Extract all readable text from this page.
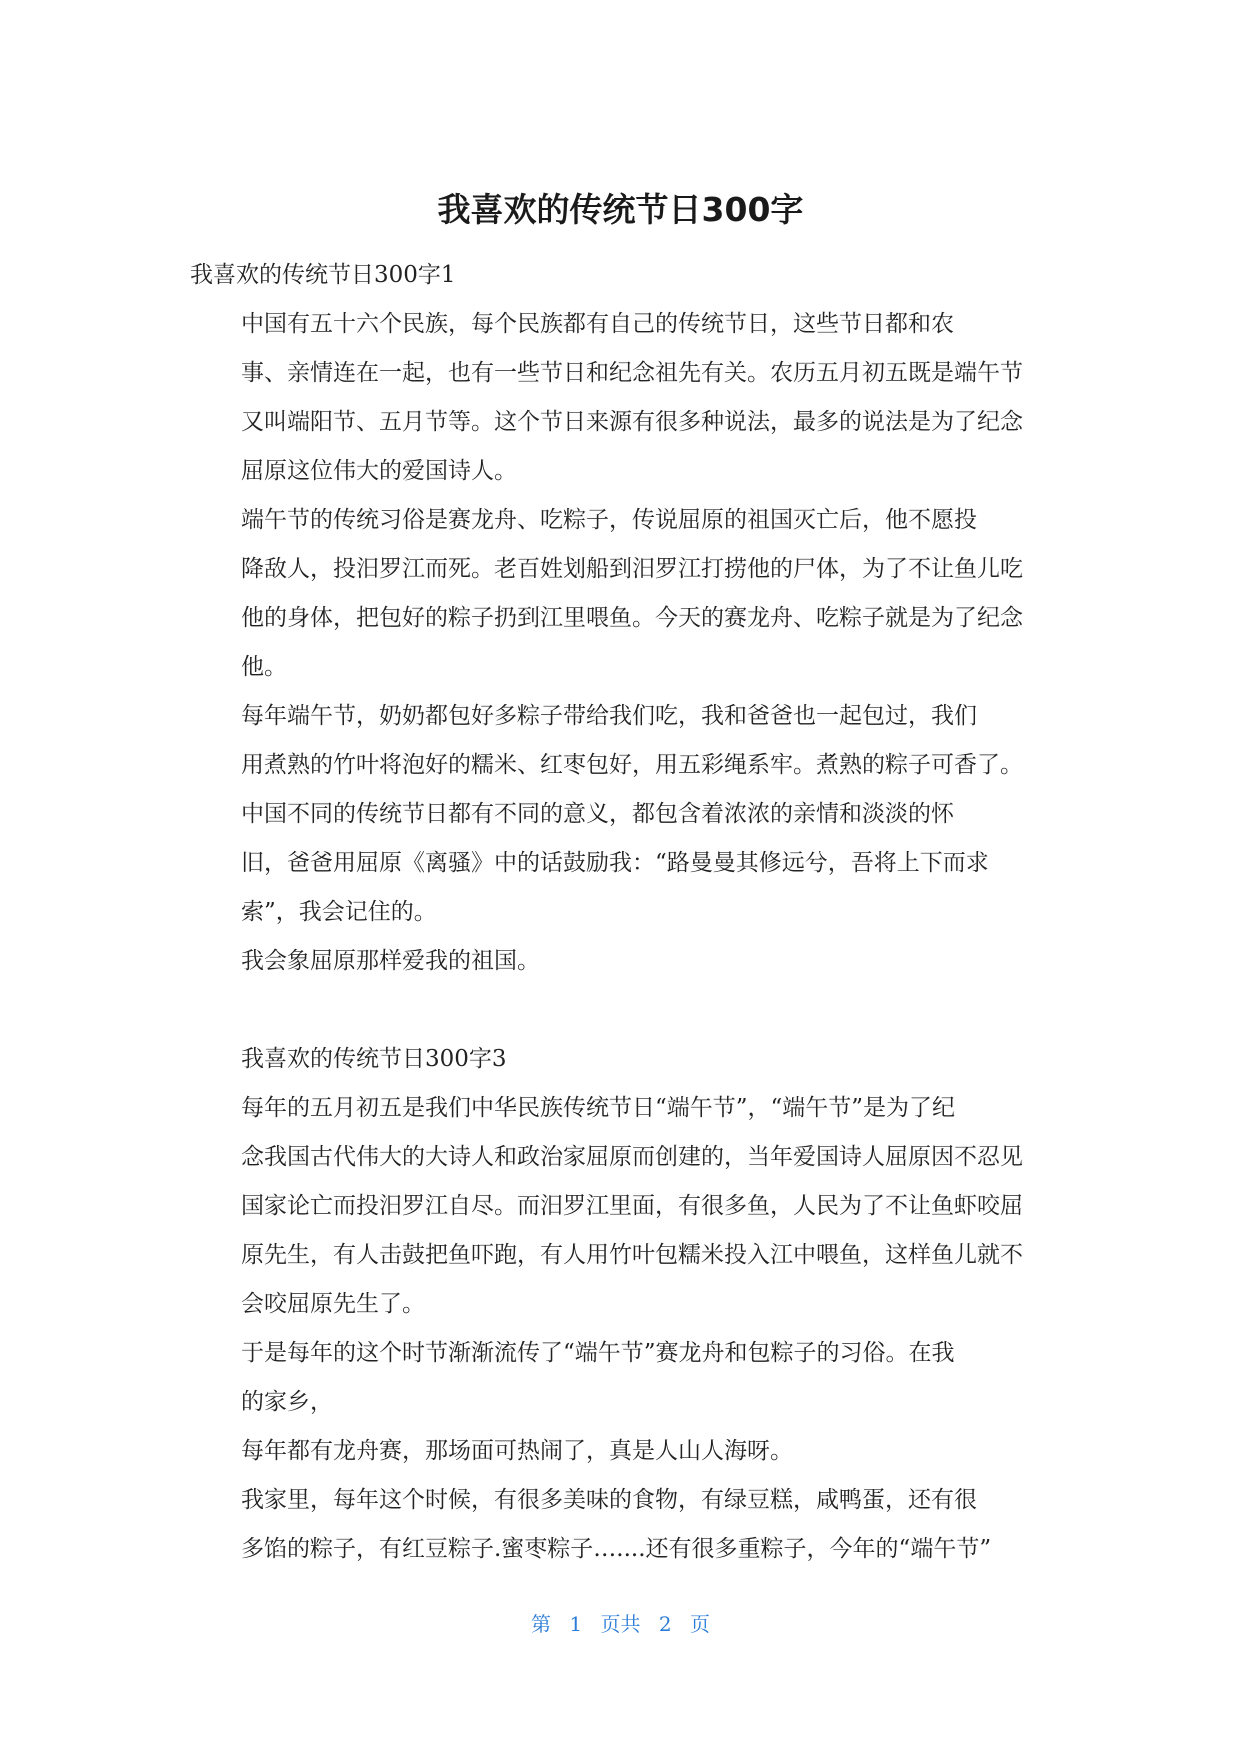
我喜欢的传统节日300字

我喜欢的传统节日300字1

中国有五十六个民族，每个民族都有自己的传统节日，这些节日都和农
事、亲情连在一起，也有一些节日和纪念祖先有关。农历五月初五既是端午节
又叫端阳节、五月节等。这个节日来源有很多种说法，最多的说法是为了纪念
屈原这位伟大的爱国诗人。

端午节的传统习俗是赛龙舟、吃粽子，传说屈原的祖国灭亡后，他不愿投
降敌人，投汨罗江而死。老百姓划船到汨罗江打捞他的尸体，为了不让鱼儿吃
他的身体，把包好的粽子扔到江里喂鱼。今天的赛龙舟、吃粽子就是为了纪念
他。

每年端午节，奶奶都包好多粽子带给我们吃，我和爸爸也一起包过，我们
用煮熟的竹叶将泡好的糯米、红枣包好，用五彩绳系牢。煮熟的粽子可香了。

中国不同的传统节日都有不同的意义，都包含着浓浓的亲情和淡淡的怀
旧，爸爸用屈原《离骚》中的话鼓励我：“路曼曼其修远兮，吾将上下而求
索”，我会记住的。

我会象屈原那样爱我的祖国。

我喜欢的传统节日300字3

每年的五月初五是我们中华民族传统节日“端午节”，“端午节”是为了纪
念我国古代伟大的大诗人和政治家屈原而创建的，当年爱国诗人屈原因不忍见
国家论亡而投汨罗江自尽。而汨罗江里面，有很多鱼，人民为了不让鱼虾咬屈
原先生，有人击鼓把鱼吓跑，有人用竹叶包糯米投入江中喂鱼，这样鱼儿就不
会咬屈原先生了。

于是每年的这个时节渐渐流传了“端午节”赛龙舟和包粽子的习俗。在我
的家乡，

每年都有龙舟赛，那场面可热闹了，真是人山人海呀。

我家里，每年这个时候，有很多美味的食物，有绿豆糕，咸鸭蛋，还有很
多馅的粽子，有红豆粽子.蜜枣粽子…....还有很多重粽子，今年的“端午节”

第 1 页共 2 页
